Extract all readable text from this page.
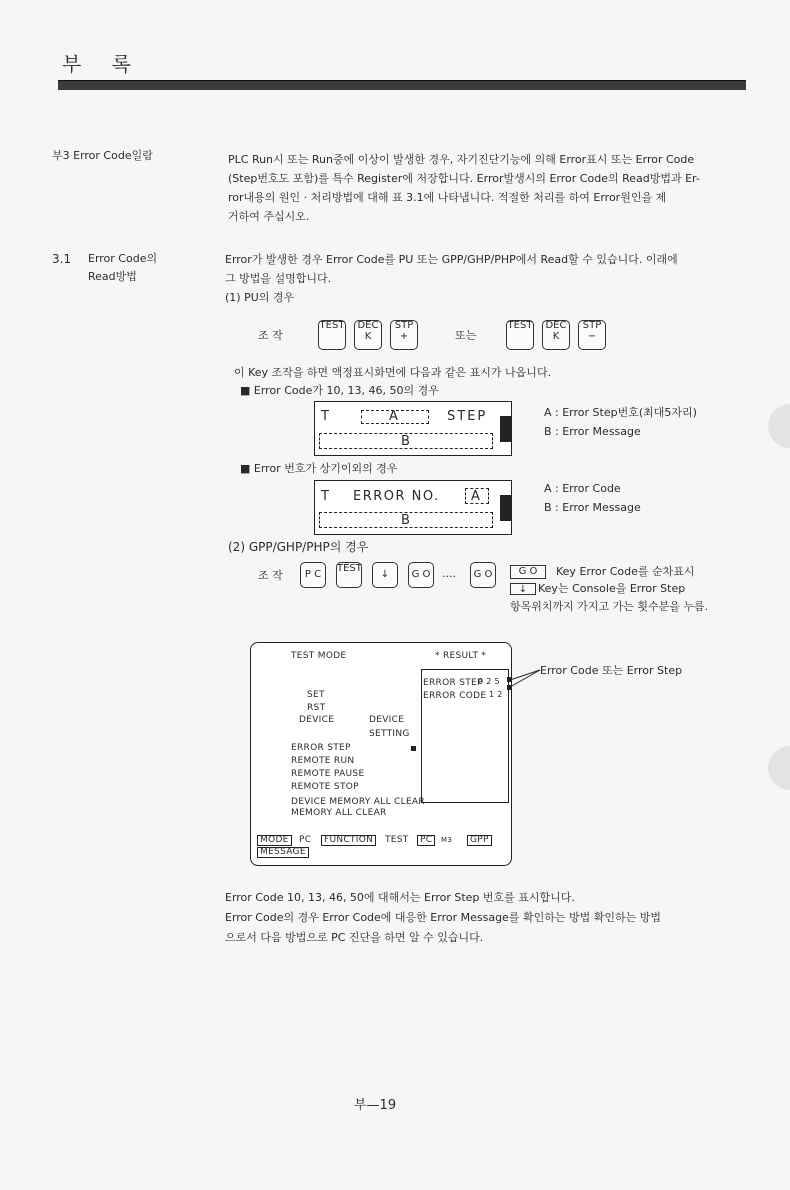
부 록
부3 Error Code일람	PLC Run시 또는 Run중에 이상이 발생한 경우, 자기진단기능에 의해 Error표시 또는 Error Code
(Step번호도 포함)를 특수 Register에 저장합니다. Error발생시의 Error Code의 Read방법과 Er-
ror내용의 원인 · 처리방법에 대해 표 3.1에 나타냅니다. 적절한 처리를 하여 Error원인을 제
거하여 주십시오.
3.1 Error Code의
Read방법
Error가 발생한 경우 Error Code를 PU 또는 GPP/GHP/PHP에서 Read할 수 있습니다. 이래에
그 방법을 설명합니다.
(1) PU의 경우
조 작
TEST	DEC
K
STP
+	또는
TEST	DEC
K
STP
−
이 Key 조작을 하면 액정표시화면에 다음과 같은 표시가 나옵니다.
■ Error Code가 10, 13, 46, 50의 경우
T	A	STEP
B
A : Error Step번호(최대5자리)
B : Error Message
■ Error 번호가 상기이외의 경우
T ERROR NO. A
B
A : Error Code
B : Error Message
(2) GPP/GHP/PHP의 경우
조 작	P C
TEST
↓	G O	····	G O	G O	Key Error Code를 순차표시
↓ Key는 Console을 Error Step
항목위치까지 가지고 가는 횟수분을 누름.
TEST MODE	* RESULT *
ERROR STEP
0 2 5
ERROR CODE 1 2
SET
RST
DEVICE	DEVICE
SETTING
ERROR STEP
REMOTE RUN
REMOTE PAUSE
REMOTE STOP
DEVICE MEMORY ALL CLEAR
MEMORY ALL CLEAR
MODE	PC	FUNCTION	TEST	PC	M3	GPP
MESSAGE
Error Code 또는 Error Step
Error Code 10, 13, 46, 50에 대해서는 Error Step 번호를 표시합니다.
Error Code의 경우 Error Code에 대응한 Error Message를 확인하는 방법 확인하는 방법
으로서 다음 방법으로 PC 진단을 하면 알 수 있습니다.
부—19
